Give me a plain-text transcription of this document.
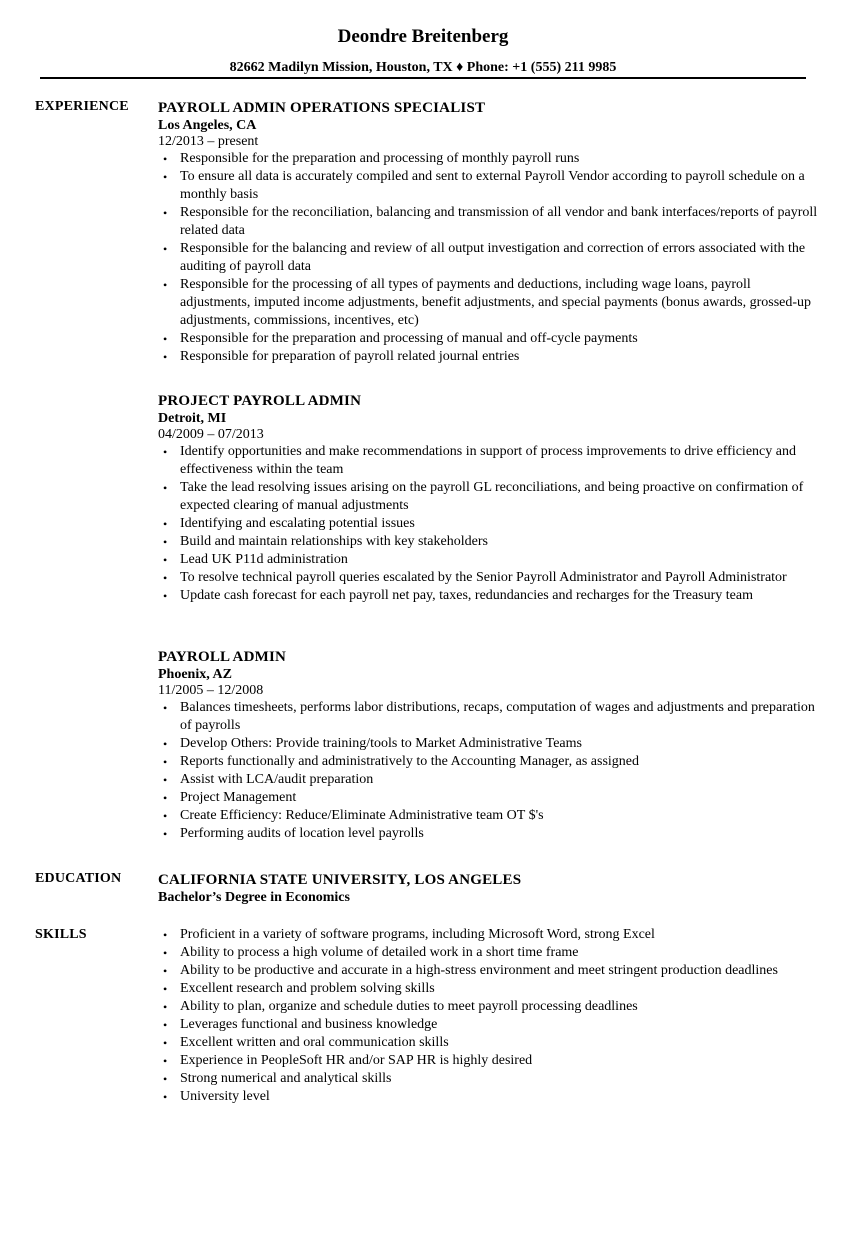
Deondre Breitenberg
82662 Madilyn Mission, Houston, TX ♦ Phone: +1 (555) 211 9985
EXPERIENCE PAYROLL ADMIN OPERATIONS SPECIALIST
Los Angeles, CA
12/2013 – present
• Responsible for the preparation and processing of monthly payroll runs
• To ensure all data is accurately compiled and sent to external Payroll Vendor according to payroll schedule on a monthly basis
• Responsible for the reconciliation, balancing and transmission of all vendor and bank interfaces/reports of payroll related data
• Responsible for the balancing and review of all output investigation and correction of errors associated with the auditing of payroll data
• Responsible for the processing of all types of payments and deductions, including wage loans, payroll adjustments, imputed income adjustments, benefit adjustments, and special payments (bonus awards, grossed-up adjustments, commissions, incentives, etc)
• Responsible for the preparation and processing of manual and off-cycle payments
• Responsible for preparation of payroll related journal entries
PROJECT PAYROLL ADMIN
Detroit, MI
04/2009 – 07/2013
• Identify opportunities and make recommendations in support of process improvements to drive efficiency and effectiveness within the team
• Take the lead resolving issues arising on the payroll GL reconciliations, and being proactive on confirmation of expected clearing of manual adjustments
• Identifying and escalating potential issues
• Build and maintain relationships with key stakeholders
• Lead UK P11d administration
• To resolve technical payroll queries escalated by the Senior Payroll Administrator and Payroll Administrator
• Update cash forecast for each payroll net pay, taxes, redundancies and recharges for the Treasury team
PAYROLL ADMIN
Phoenix, AZ
11/2005 – 12/2008
• Balances timesheets, performs labor distributions, recaps, computation of wages and adjustments and preparation of payrolls
• Develop Others: Provide training/tools to Market Administrative Teams
• Reports functionally and administratively to the Accounting Manager, as assigned
• Assist with LCA/audit preparation
• Project Management
• Create Efficiency: Reduce/Eliminate Administrative team OT $'s
• Performing audits of location level payrolls
EDUCATION CALIFORNIA STATE UNIVERSITY, LOS ANGELES
Bachelor’s Degree in Economics
SKILLS	• Proficient in a variety of software programs, including Microsoft Word, strong Excel
• Ability to process a high volume of detailed work in a short time frame
• Ability to be productive and accurate in a high-stress environment and meet stringent production deadlines
• Excellent research and problem solving skills
• Ability to plan, organize and schedule duties to meet payroll processing deadlines
• Leverages functional and business knowledge
• Excellent written and oral communication skills
• Experience in PeopleSoft HR and/or SAP HR is highly desired
• Strong numerical and analytical skills
• University level
